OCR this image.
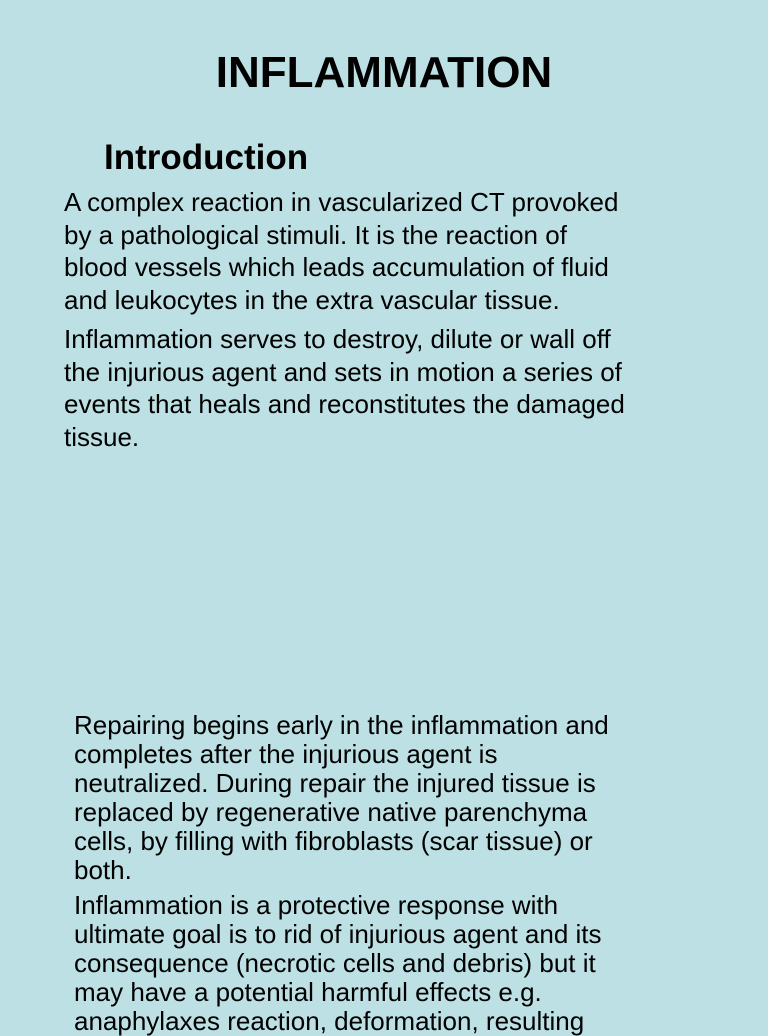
INFLAMMATION
Introduction

A complex reaction in vascularized CT provoked
by a pathological stimuli. It is the reaction of
blood vessels which leads accumulation of fluid
and leukocytes in the extra vascular tissue.

Inflammation serves to destroy, dilute or wall off
the injurious agent and sets in motion a series of
events that heals and reconstitutes the damaged
tissue.

Repairing begins early in the inflammation and
completes after the injurious agent is
neutralized. During repair the injured tissue is
replaced by regenerative native parenchyma
cells, by filling with fibroblasts (scar tissue) or
both.

Inflammation is a protective response with
ultimate goal is to rid of injurious agent and its
consequence (necrotic cells and debris) but it
may have a potential harmful effects e.g.
anaphylaxes reaction, deformation, resulting
